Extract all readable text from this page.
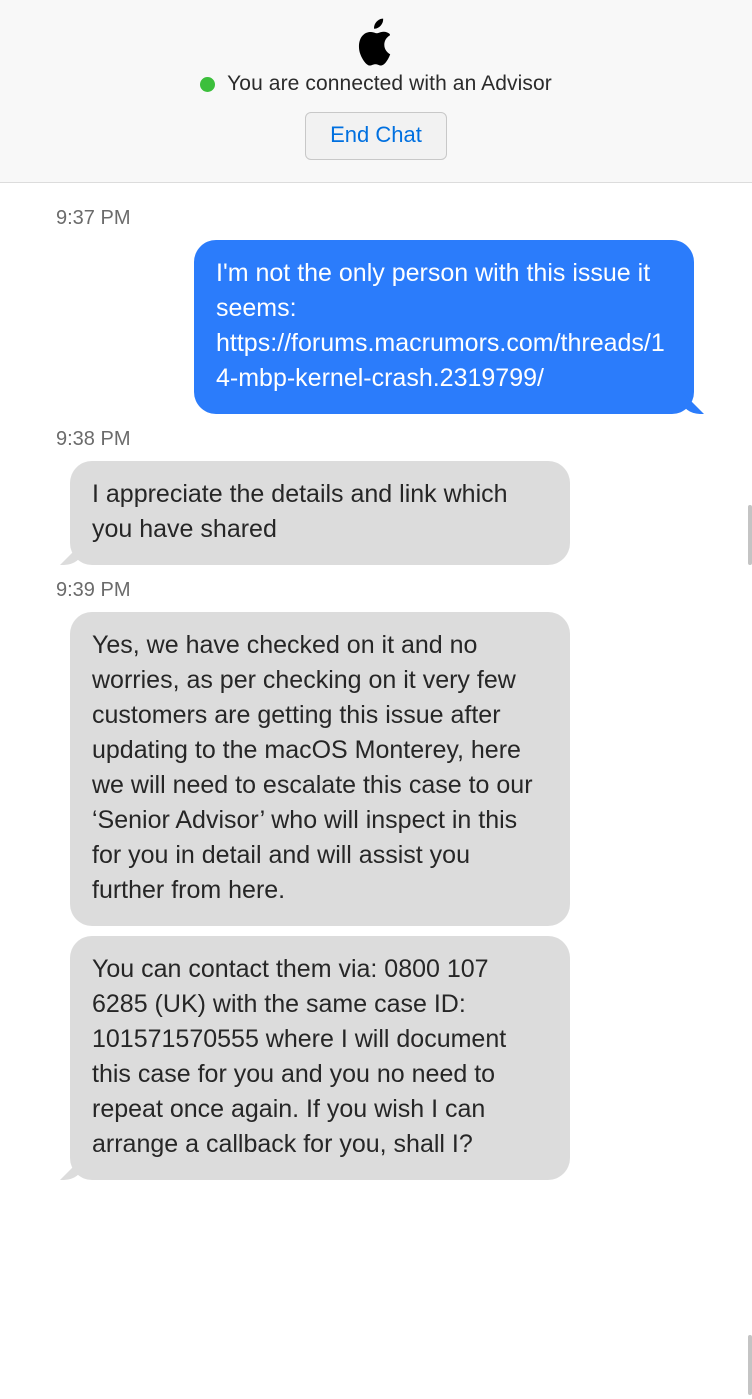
You are connected with an Advisor
End Chat
9:37 PM
I'm not the only person with this issue it seems: https://forums.macrumors.com/threads/14-mbp-kernel-crash.2319799/
9:38 PM
I appreciate the details and link which you have shared
9:39 PM
Yes, we have checked on it and no worries, as per checking on it very few customers are getting this issue after updating to the macOS Monterey, here we will need to escalate this case to our ‘Senior Advisor’ who will inspect in this for you in detail and will assist you further from here.
You can contact them via: 0800 107 6285 (UK) with the same case ID: 101571570555 where I will document this case for you and you no need to repeat once again. If you wish I can arrange a callback for you, shall I?
